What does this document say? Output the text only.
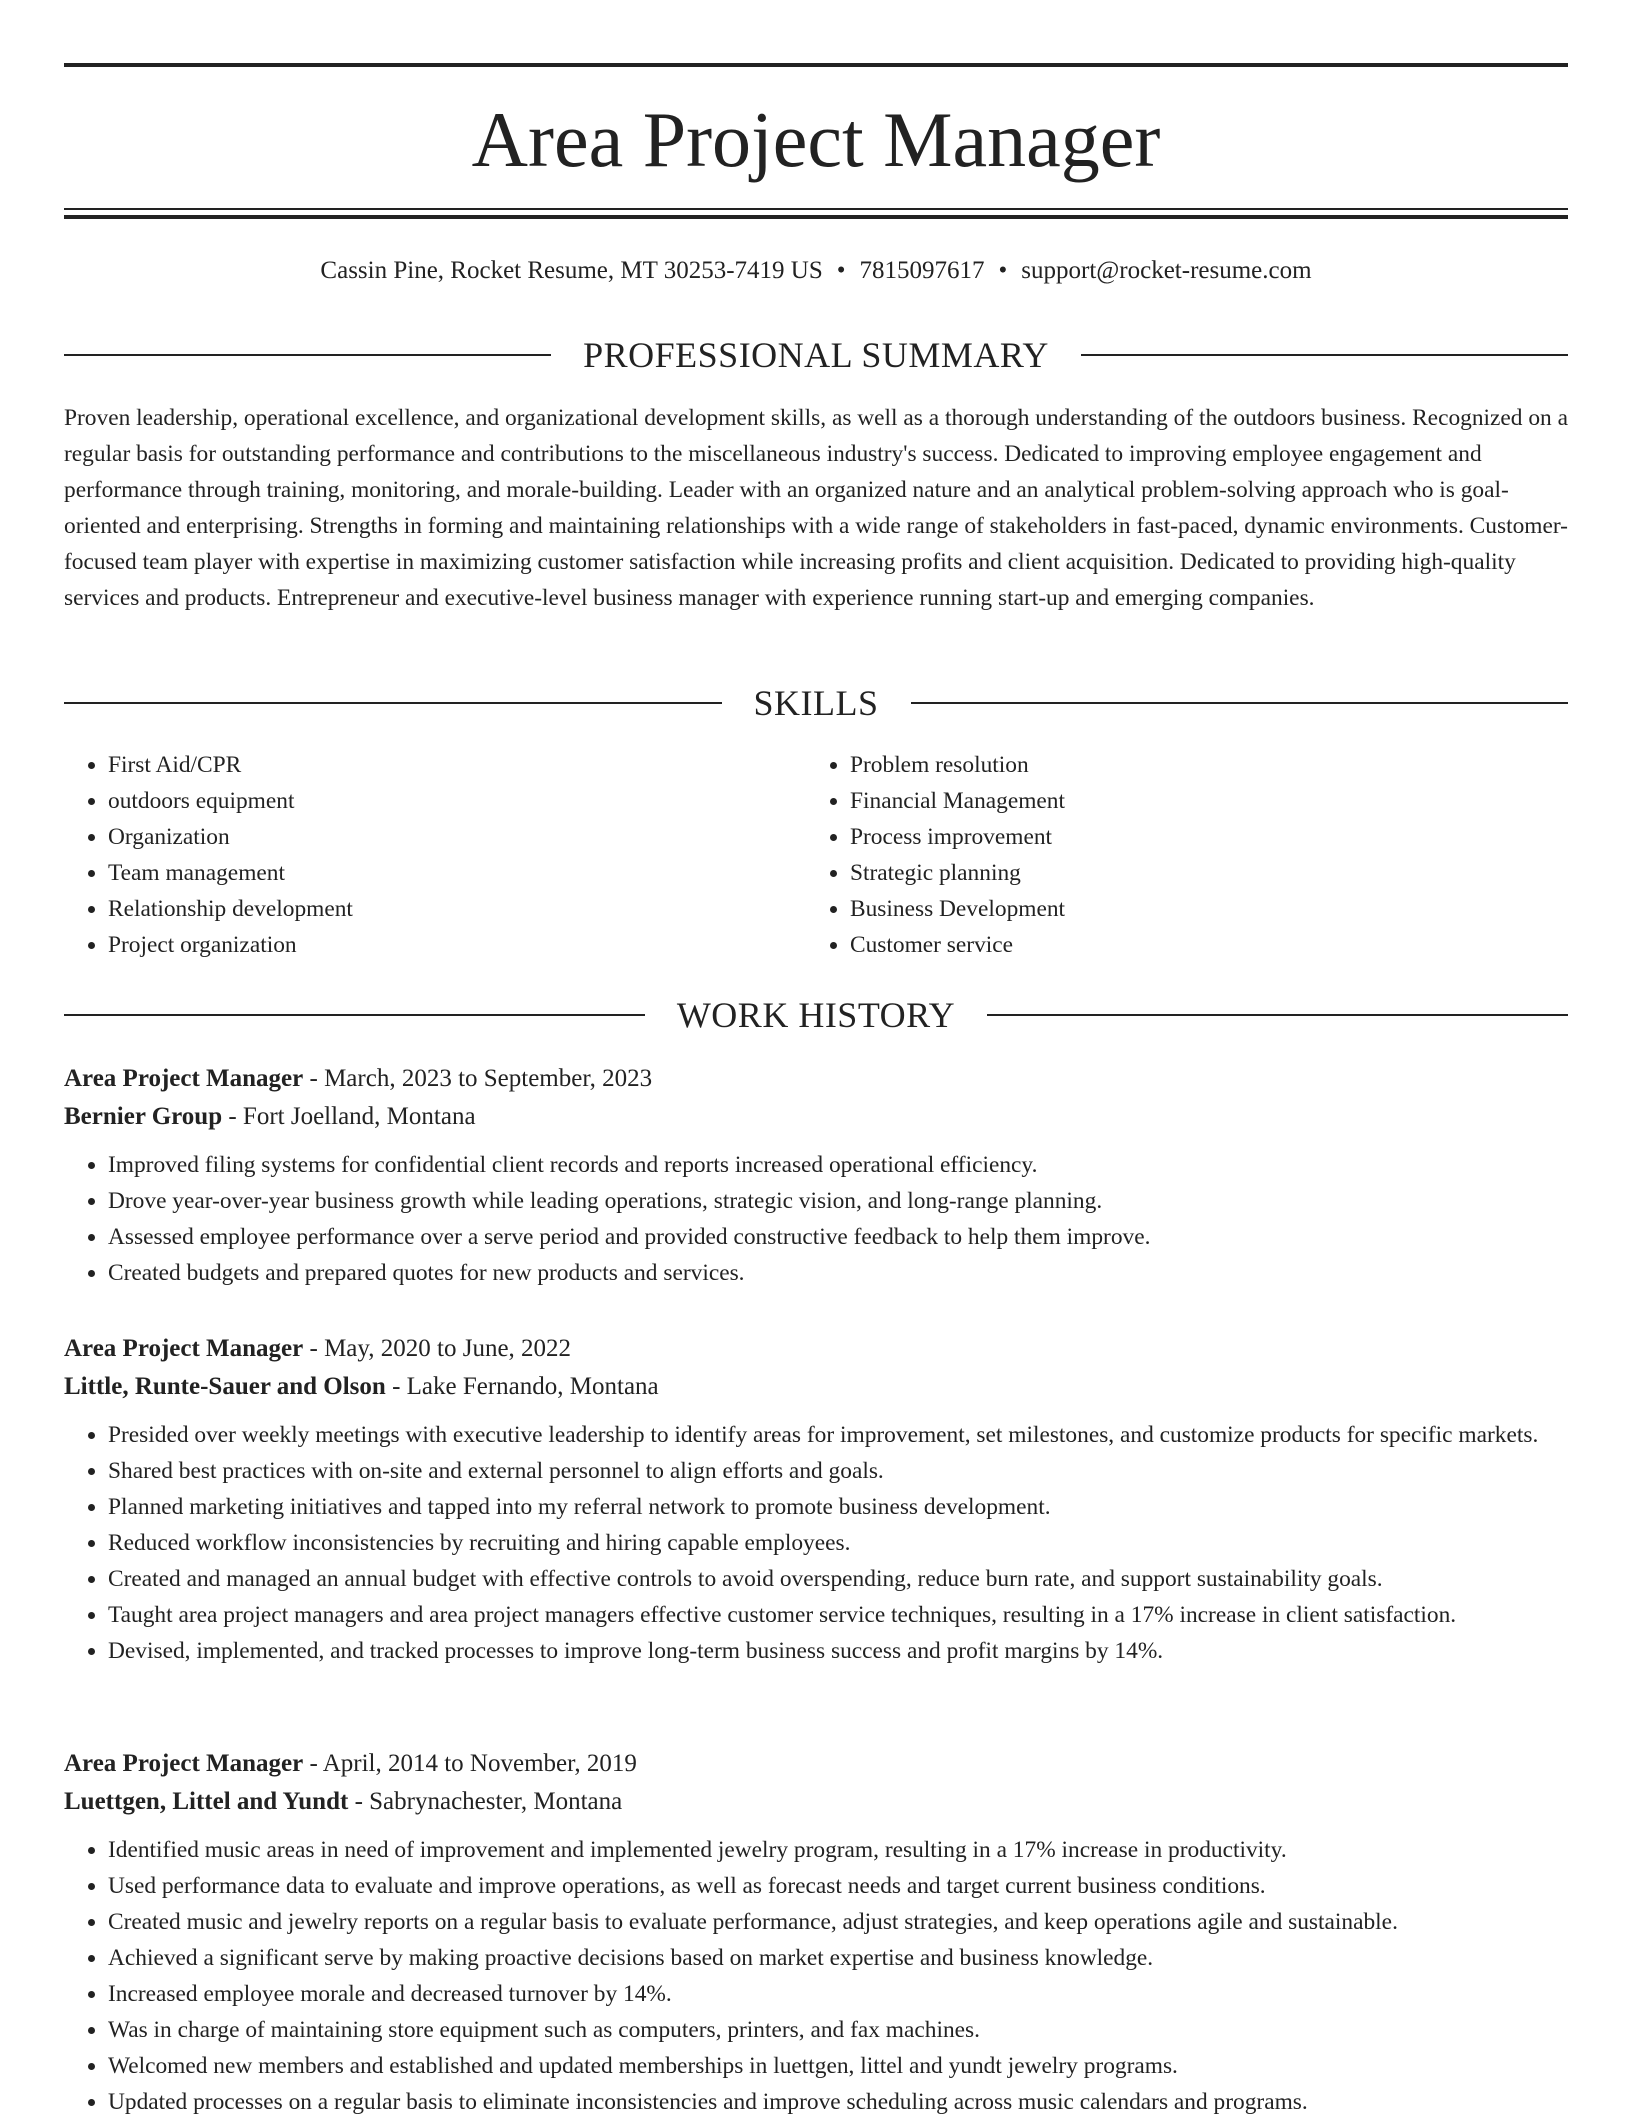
Area Project Manager
Cassin Pine, Rocket Resume, MT 30253-7419 US • 7815097617 • support@rocket-resume.com
PROFESSIONAL SUMMARY

Proven leadership, operational excellence, and organizational development skills, as well as a thorough understanding of the outdoors business. Recognized on a regular basis for outstanding performance and contributions to the miscellaneous industry's success. Dedicated to improving employee engagement and performance through training, monitoring, and morale-building. Leader with an organized nature and an analytical problem-solving approach who is goal-oriented and enterprising. Strengths in forming and maintaining relationships with a wide range of stakeholders in fast-paced, dynamic environments. Customer-focused team player with expertise in maximizing customer satisfaction while increasing profits and client acquisition. Dedicated to providing high-quality services and products. Entrepreneur and executive-level business manager with experience running start-up and emerging companies.

SKILLS
• First Aid/CPR
• outdoors equipment
• Organization
• Team management
• Relationship development
• Project organization
• Problem resolution
• Financial Management
• Process improvement
• Strategic planning
• Business Development
• Customer service
WORK HISTORY
Area Project Manager - March, 2023 to September, 2023
Bernier Group - Fort Joelland, Montana
• Improved filing systems for confidential client records and reports increased operational efficiency.
• Drove year-over-year business growth while leading operations, strategic vision, and long-range planning.
• Assessed employee performance over a serve period and provided constructive feedback to help them improve.
• Created budgets and prepared quotes for new products and services.
Area Project Manager - May, 2020 to June, 2022
Little, Runte-Sauer and Olson - Lake Fernando, Montana
• Presided over weekly meetings with executive leadership to identify areas for improvement, set milestones, and customize products for specific markets.
• Shared best practices with on-site and external personnel to align efforts and goals.
• Planned marketing initiatives and tapped into my referral network to promote business development.
• Reduced workflow inconsistencies by recruiting and hiring capable employees.
• Created and managed an annual budget with effective controls to avoid overspending, reduce burn rate, and support sustainability goals.
• Taught area project managers and area project managers effective customer service techniques, resulting in a 17% increase in client satisfaction.
• Devised, implemented, and tracked processes to improve long-term business success and profit margins by 14%.
Area Project Manager - April, 2014 to November, 2019
Luettgen, Littel and Yundt - Sabrynachester, Montana
• Identified music areas in need of improvement and implemented jewelry program, resulting in a 17% increase in productivity.
• Used performance data to evaluate and improve operations, as well as forecast needs and target current business conditions.
• Created music and jewelry reports on a regular basis to evaluate performance, adjust strategies, and keep operations agile and sustainable.
• Achieved a significant serve by making proactive decisions based on market expertise and business knowledge.
• Increased employee morale and decreased turnover by 14%.
• Was in charge of maintaining store equipment such as computers, printers, and fax machines.
• Welcomed new members and established and updated memberships in luettgen, littel and yundt jewelry programs.
• Updated processes on a regular basis to eliminate inconsistencies and improve scheduling across music calendars and programs.
